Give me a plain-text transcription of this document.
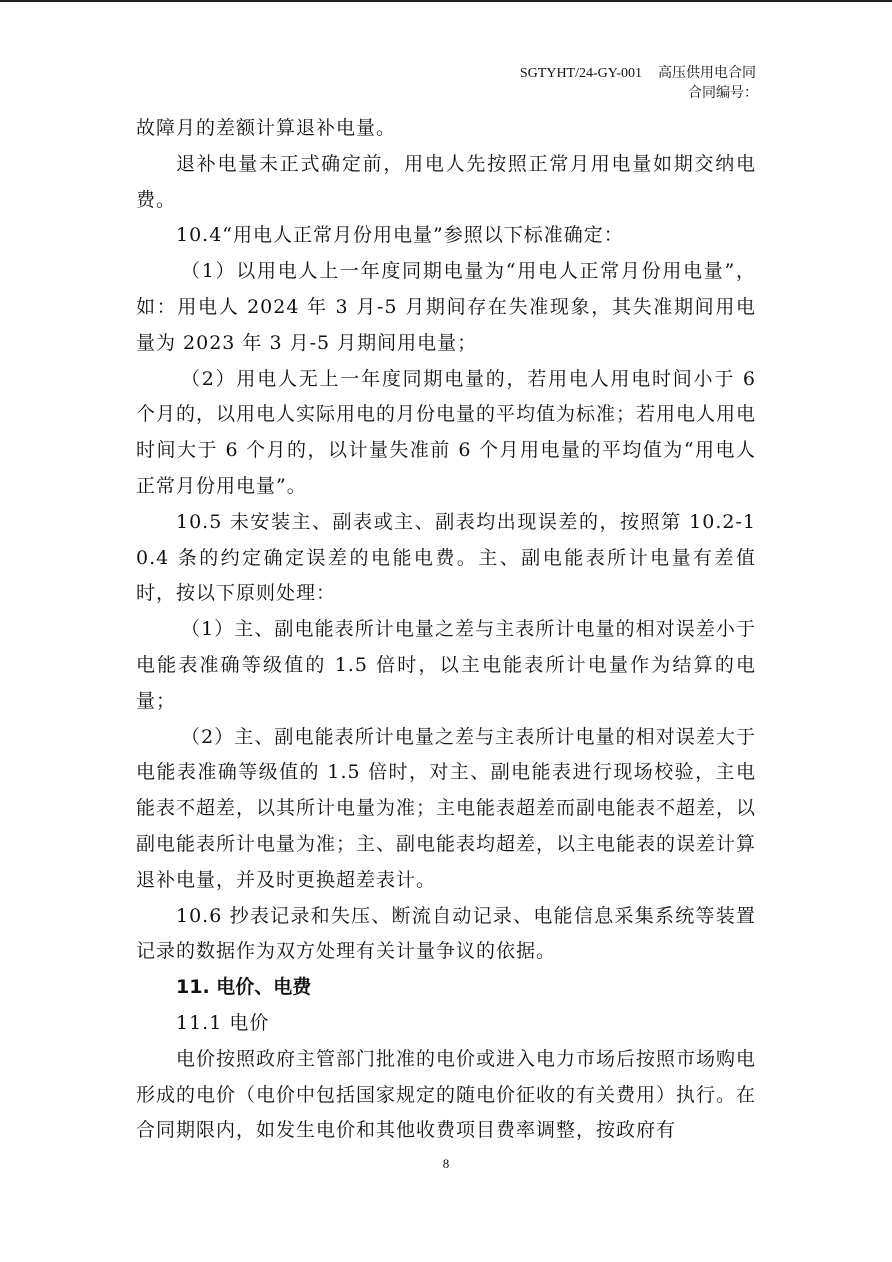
SGTYHT/24-GY-001 高压供用电合同
合同编号：

故障月的差额计算退补电量。

退补电量未正式确定前，用电人先按照正常月用电量如期交纳电费。

10.4“用电人正常月份用电量”参照以下标准确定：

（1）以用电人上一年度同期电量为“用电人正常月份用电量”，如：用电人 2024 年 3 月-5 月期间存在失准现象，其失准期间用电量为 2023 年 3 月-5 月期间用电量；

（2）用电人无上一年度同期电量的，若用电人用电时间小于 6 个月的，以用电人实际用电的月份电量的平均值为标准；若用电人用电时间大于 6 个月的，以计量失准前 6 个月用电量的平均值为“用电人正常月份用电量”。

10.5 未安装主、副表或主、副表均出现误差的，按照第 10.2-10.4 条的约定确定误差的电能电费。主、副电能表所计电量有差值时，按以下原则处理：

（1）主、副电能表所计电量之差与主表所计电量的相对误差小于电能表准确等级值的 1.5 倍时，以主电能表所计电量作为结算的电量；

（2）主、副电能表所计电量之差与主表所计电量的相对误差大于电能表准确等级值的 1.5 倍时，对主、副电能表进行现场校验，主电能表不超差，以其所计电量为准；主电能表超差而副电能表不超差，以副电能表所计电量为准；主、副电能表均超差，以主电能表的误差计算退补电量，并及时更换超差表计。

10.6 抄表记录和失压、断流自动记录、电能信息采集系统等装置记录的数据作为双方处理有关计量争议的依据。

11. 电价、电费

11.1 电价

电价按照政府主管部门批准的电价或进入电力市场后按照市场购电形成的电价（电价中包括国家规定的随电价征收的有关费用）执行。在合同期限内，如发生电价和其他收费项目费率调整，按政府有

8
